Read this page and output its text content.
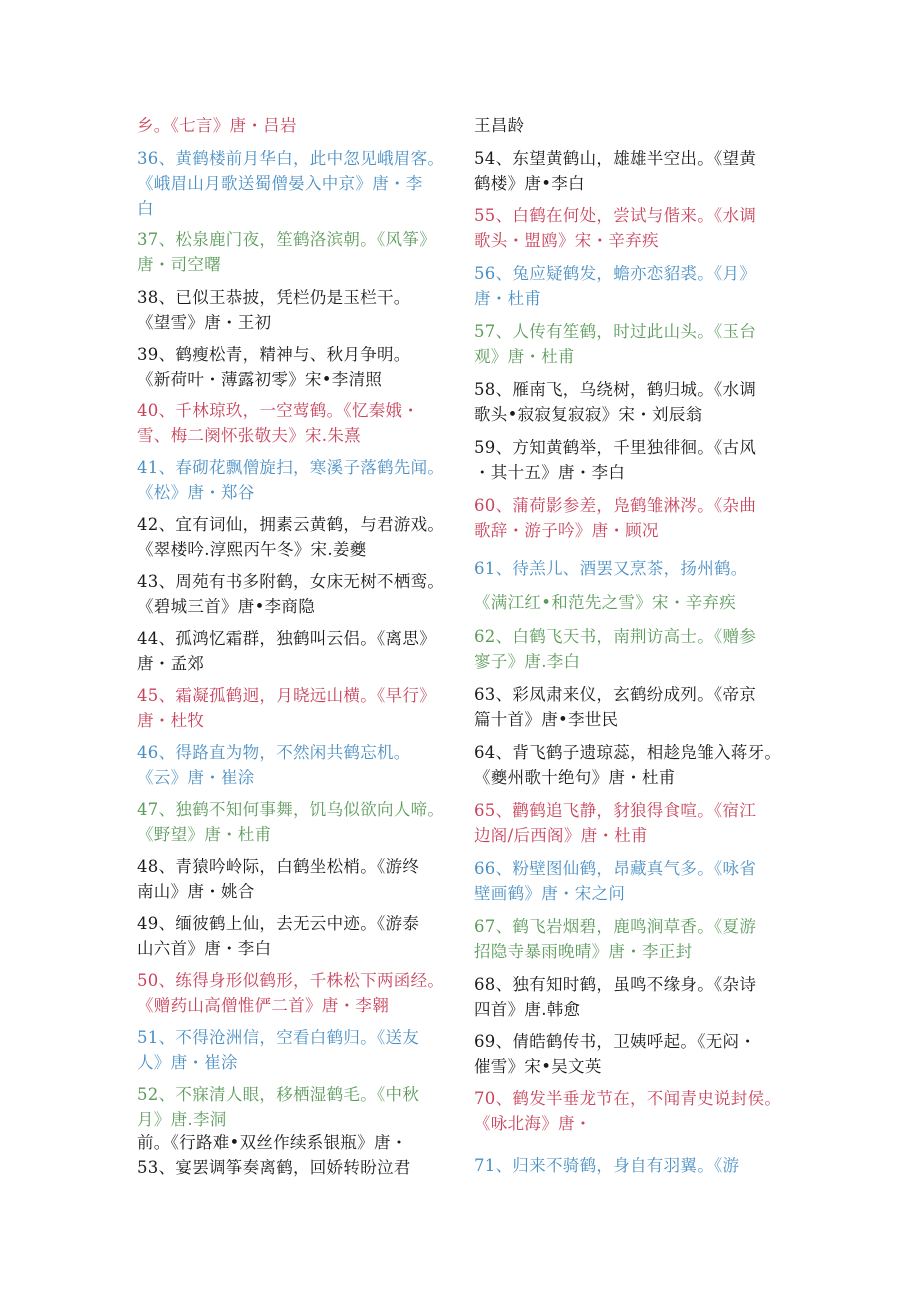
乡。《七言》唐・吕岩
36、黄鹤楼前月华白，此中忽见峨眉客。
《峨眉山月歌送蜀僧晏入中京》唐・李
白
37、松泉鹿门夜，笙鹤洛滨朝。《风筝》
唐・司空曙
38、已似王恭披，凭栏仍是玉栏干。
《望雪》唐・王初
39、鹤瘦松青，精神与、秋月争明。
《新荷叶・薄露初零》宋•李清照
40、千林琼玖，一空莺鹤。《忆秦娥・
雪、梅二阕怀张敬夫》宋.朱熹
41、春砌花飘僧旋扫，寒溪子落鹤先闻。
《松》唐・郑谷
42、宜有词仙，拥素云黄鹤，与君游戏。
《翠楼吟.淳熙丙午冬》宋.姜夔
43、周苑有书多附鹤，女床无树不栖鸾。
《碧城三首》唐•李商隐
44、孤鸿忆霜群，独鹤叫云侣。《离思》
唐・孟郊
45、霜凝孤鹤迥，月晓远山横。《早行》
唐・杜牧
46、得路直为物，不然闲共鹤忘机。
《云》唐・崔涂
47、独鹤不知何事舞，饥乌似欲向人啼。
《野望》唐・杜甫
48、青猿吟岭际，白鹤坐松梢。《游终
南山》唐・姚合
49、缅彼鹤上仙，去无云中迹。《游泰
山六首》唐・李白
50、练得身形似鹤形，千株松下两函经。
《赠药山高僧惟俨二首》唐・李翱
51、不得沧洲信，空看白鹤归。《送友
人》唐・崔涂
52、不寐清人眼，移栖湿鹤毛。《中秋
月》唐.李洞
前。《行路难•双丝作续系银瓶》唐・
53、宴罢调筝奏离鹤，回娇转盼泣君
王昌龄
54、东望黄鹤山，雄雄半空出。《望黄
鹤楼》唐•李白
55、白鹤在何处，尝试与偕来。《水调
歌头・盟鸥》宋・辛弃疾
56、兔应疑鹤发，蟾亦恋貂裘。《月》
唐・杜甫
57、人传有笙鹤，时过此山头。《玉台
观》唐・杜甫
58、雁南飞，乌绕树，鹤归城。《水调
歌头•寂寂复寂寂》宋・刘辰翁
59、方知黄鹤举，千里独徘徊。《古风
・其十五》唐・李白
60、蒲荷影参差，凫鹤雏淋涔。《杂曲
歌辞・游子吟》唐・顾况
61、待羔儿、酒罢又烹茶，扬州鹤。
《满江红•和范先之雪》宋・辛弃疾
62、白鹤飞天书，南荆访高士。《赠参
寥子》唐.李白
63、彩凤肃来仪，玄鹤纷成列。《帝京
篇十首》唐•李世民
64、背飞鹤子遗琼蕊，相趁凫雏入蒋牙。
《夔州歌十绝句》唐・杜甫
65、鹳鹤追飞静，豺狼得食喧。《宿江
边阁/后西阁》唐・杜甫
66、粉壁图仙鹤，昂藏真气多。《咏省
壁画鹤》唐・宋之问
67、鹤飞岩烟碧，鹿鸣涧草香。《夏游
招隐寺暴雨晚晴》唐・李正封
68、独有知时鹤，虽鸣不缘身。《杂诗
四首》唐.韩愈
69、倩皓鹤传书，卫姨呼起。《无闷・
催雪》宋•吴文英
70、鹤发半垂龙节在，不闻青史说封侯。
《咏北海》唐・
71、归来不骑鹤，身自有羽翼。《游
